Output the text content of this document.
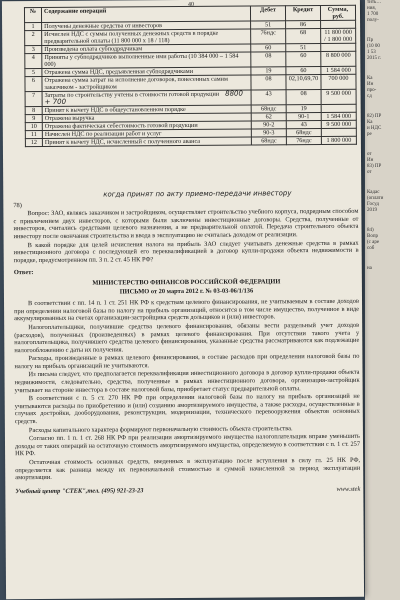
тить…
ния,
1 700
полу-
Пр
(10 00
1 53
2015 г.
Ка
Ин
про-
сд
82) ПР
Ка
и НДС
ре
от
Ин
83) ПР
от
Кадас
(оплати
Госуд
2019
84)
Вопр
(с аре
соб
на
40
№	Содержание операций	Дебет	Кредит	Сумма, руб.
1	Получены денежные средства от инвесторов	51	86	
2	Исчислен НДС с суммы полученных денежных средств в порядке предварительной оплаты (11 800 000 х 18 / 118)	76ндс	68	11 800 000 / 1 800 000
3	Произведена оплата субподрядчикам	60	51	
4	Приняты у субподрядчиков выполненные ими работы (10 384 000 – 1 584 000)	08	60	8 800 000
5	Отражена сумма НДС, предъявленная субподрядчиками	19	60	1 584 000
6	Отражена сумма затрат на исполнение договоров, понесенных самим заказчиком - застройщиком	08	02,10,69,70	700 000
7	Затраты по строительству учтены в стоимости готовой продукции 8800 + 700	43	08	9 500 000
8	Принят к вычету НДС в общеустановленном порядке	68ндс	19	
9	Отражена выручка	62	90-1	1 584 000
10	Отражена фактическая себестоимость готовой продукции	90-2	43	9 500 000
11	Начислен НДС по реализации работ и услуг	90-3	68ндс	
12	Принят к вычету НДС, исчисленный с полученного аванса	68ндс	76ндс	1 800 000

когда принят по акту приемо-передачи инвестору

78)

Вопрос: ЗАО, являясь заказчиком и застройщиком, осуществляет строительство учебного корпуса, подрядным способом с привлечением двух инвесторов, с которыми были заключены инвестиционные договоры. Средства, полученные от инвесторов, считались средствами целевого назначения, а не предварительной оплатой. Передача строительного объекта инвестору после окончания строительства и ввода в эксплуатацию не считалась доходом от реализации.

В какой порядке для целей исчисления налога на прибыль ЗАО следует учитывать денежные средства в рамках инвестиционного договора с последующей его переквалификацией в договор купли-продажи объекта недвижимости в порядке, предусмотренном пп. 3 п. 2 ст. 45 НК РФ?

Ответ:

МИНИСТЕРСТВО ФИНАНСОВ РОССИЙСКОЙ ФЕДЕРАЦИИ

ПИСЬМО от 20 марта 2012 г. № 03-03-06/1/136

В соответствии с пп. 14 п. 1 ст. 251 НК РФ к средствам целевого финансирования, не учитываемым в составе доходов при определении налоговой базы по налогу на прибыль организаций, относится в том числе имущество, полученное в виде аккумулированных на счетах организации-застройщика средств дольщиков и (или) инвесторов.

Налогоплательщики, получившие средства целевого финансирования, обязаны вести раздельный учет доходов (расходов), полученных (произведенных) в рамках целевого финансирования. При отсутствии такого учета у налогоплательщика, получившего средства целевого финансирования, указанные средства рассматриваются как подлежащие налогообложению с даты их получения.

Расходы, произведенные в рамках целевого финансирования, в составе расходов при определении налоговой базы по налогу на прибыль организаций не учитываются.

Из письма следует, что предполагается переквалификация инвестиционного договора в договор купли-продажи объекта недвижимости, следовательно, средства, полученные в рамках инвестиционного договора, организация-застройщик учитывает на стороне инвестора в составе налоговой базы, приобретает статус предварительной оплаты.

В соответствии с п. 5 ст. 270 НК РФ при определении налоговой базы по налогу на прибыль организаций не учитываются расходы по приобретению и (или) созданию амортизируемого имущества, а также расходы, осуществленные в случаях достройки, дооборудования, реконструкции, модернизации, технического перевооружения объектов основных средств.

Расходы капитального характера формируют первоначальную стоимость объекта строительства.

Согласно пп. 1 п. 1 ст. 268 НК РФ при реализации амортизируемого имущества налогоплательщик вправе уменьшить доходы от таких операций на остаточную стоимость амортизируемого имущества, определяемую в соответствии с п. 1 ст. 257 НК РФ.

Остаточная стоимость основных средств, введенных в эксплуатацию после вступления в силу гл. 25 НК РФ, определяется как разница между их первоначальной стоимостью и суммой начисленной за период эксплуатации амортизации.

Учебный центр "СТЕК",тел. (495) 921-23-23	www.stek
